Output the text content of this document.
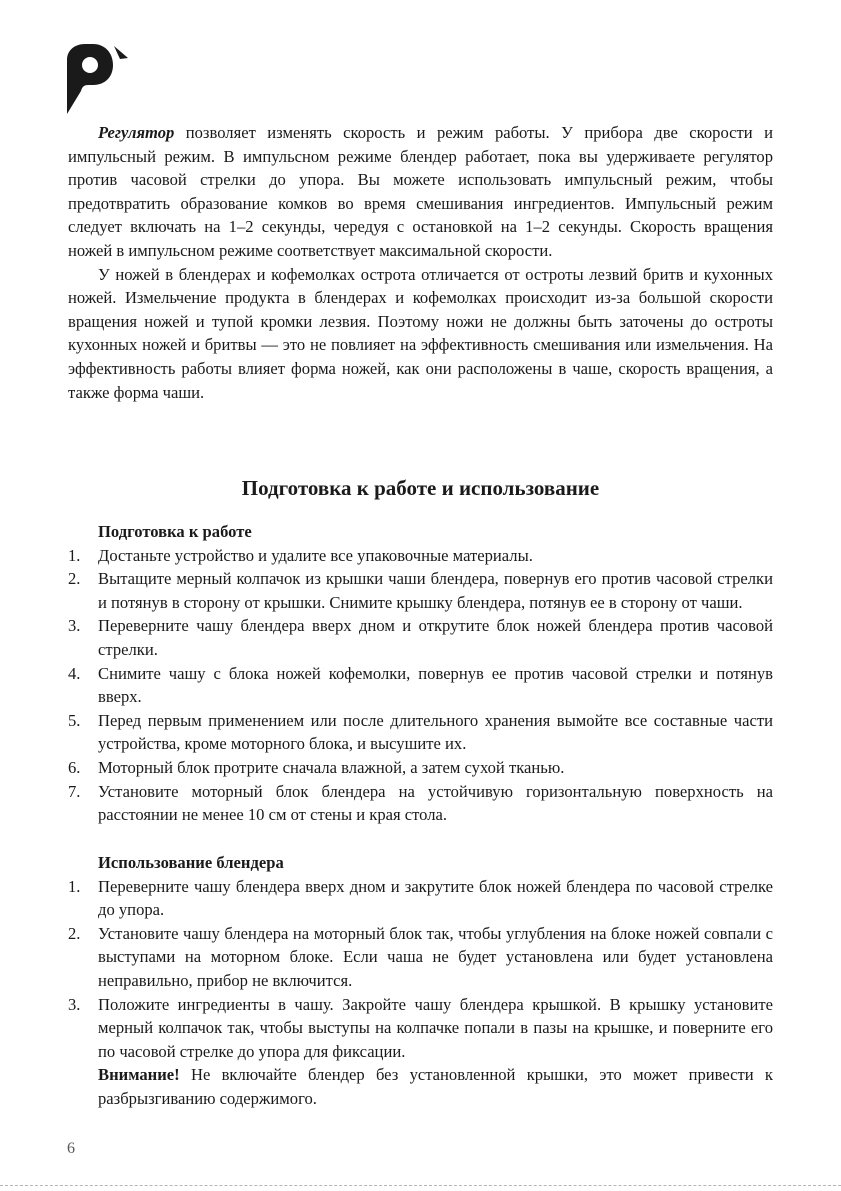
Регулятор позволяет изменять скорость и режим работы. У прибора две скорости и импульсный режим. В импульсном режиме блендер работает, пока вы удерживаете регулятор против часовой стрелки до упора. Вы можете использовать импульсный режим, чтобы предотвратить образование комков во время смешивания ингредиентов. Импульсный режим следует включать на 1–2 секунды, чередуя с остановкой на 1–2 секунды. Скорость вращения ножей в импульсном режиме соответствует максимальной скорости.

У ножей в блендерах и кофемолках острота отличается от остроты лезвий бритв и кухонных ножей. Измельчение продукта в блендерах и кофемолках происходит из-за большой скорости вращения ножей и тупой кромки лезвия. Поэтому ножи не должны быть заточены до остроты кухонных ножей и бритвы — это не повлияет на эффективность смешивания или измельчения. На эффективность работы влияет форма ножей, как они расположены в чаше, скорость вращения, а также форма чаши.

Подготовка к работе и использование
Подготовка к работе
1. Достаньте устройство и удалите все упаковочные материалы.
2. Вытащите мерный колпачок из крышки чаши блендера, повернув его против часовой стрелки и потянув в сторону от крышки. Снимите крышку блендера, потянув ее в сторону от чаши.
3. Переверните чашу блендера вверх дном и открутите блок ножей блендера против часовой стрелки.
4. Снимите чашу с блока ножей кофемолки, повернув ее против часовой стрелки и потянув вверх.
5. Перед первым применением или после длительного хранения вымойте все составные части устройства, кроме моторного блока, и высушите их.
6. Моторный блок протрите сначала влажной, а затем сухой тканью.
7. Установите моторный блок блендера на устойчивую горизонтальную поверхность на расстоянии не менее 10 см от стены и края стола.
Использование блендера
1. Переверните чашу блендера вверх дном и закрутите блок ножей блендера по часовой стрелке до упора.
2. Установите чашу блендера на моторный блок так, чтобы углубления на блоке ножей совпали с выступами на моторном блоке. Если чаша не будет установлена или будет установлена неправильно, прибор не включится.
3. Положите ингредиенты в чашу. Закройте чашу блендера крышкой. В крышку установите мерный колпачок так, чтобы выступы на колпачке попали в пазы на крышке, и поверните его по часовой стрелке до упора для фиксации.

Внимание! Не включайте блендер без установленной крышки, это может привести к разбрызгиванию содержимого.

6
